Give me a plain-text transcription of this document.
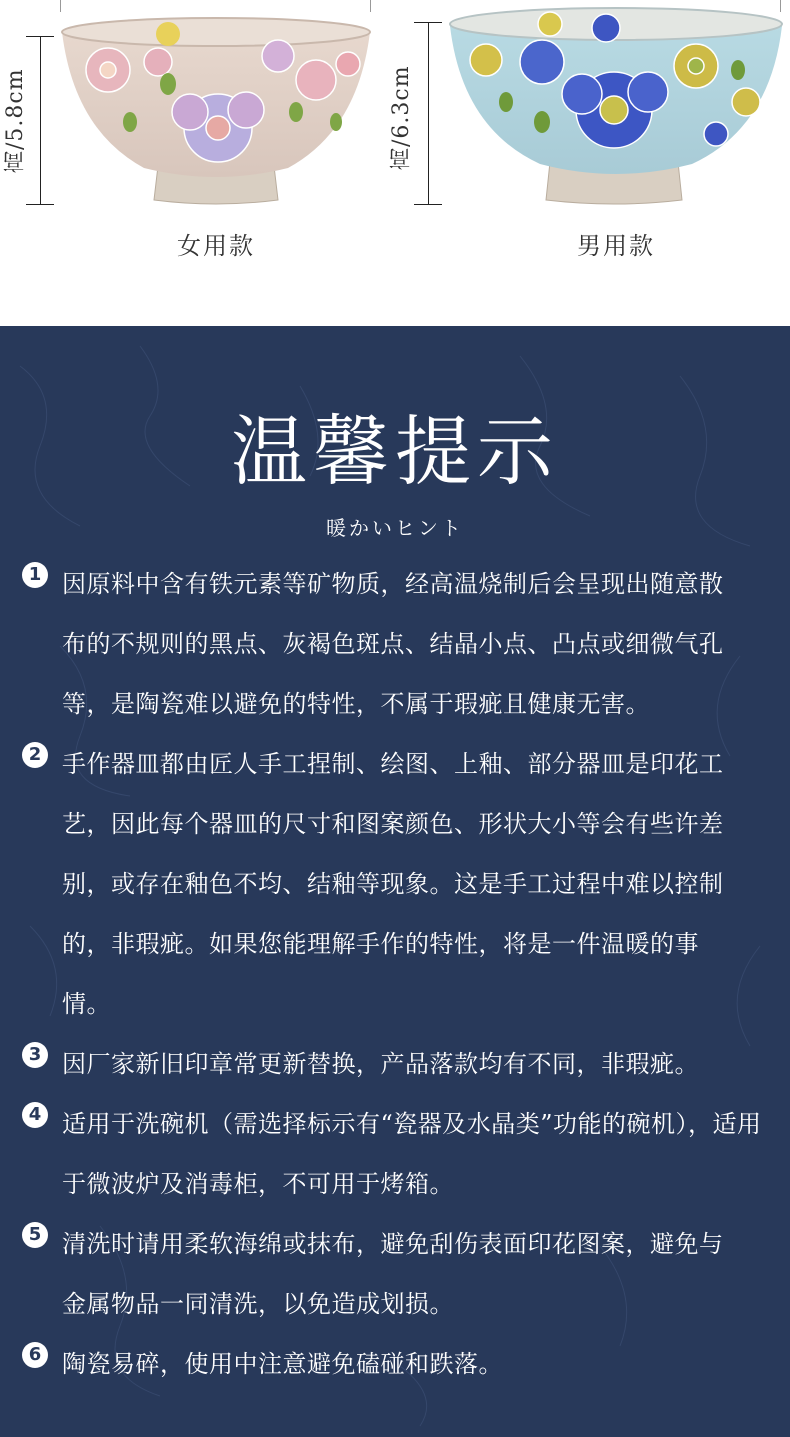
高/5.8cm	高/6.3cm
女用款	男用款
温馨提示
暖かいヒント
1 因原料中含有铁元素等矿物质，经高温烧制后会呈现出随意散布的不规则的黑点、灰褐色斑点、结晶小点、凸点或细微气孔等，是陶瓷难以避免的特性，不属于瑕疵且健康无害。

2 手作器皿都由匠人手工捏制、绘图、上釉、部分器皿是印花工艺，因此每个器皿的尺寸和图案颜色、形状大小等会有些许差别，或存在釉色不均、结釉等现象。这是手工过程中难以控制的，非瑕疵。如果您能理解手作的特性，将是一件温暖的事情。

3 因厂家新旧印章常更新替换，产品落款均有不同，非瑕疵。

4 适用于洗碗机（需选择标示有“瓷器及水晶类”功能的碗机），适用于微波炉及消毒柜，不可用于烤箱。

5 清洗时请用柔软海绵或抹布，避免刮伤表面印花图案，避免与金属物品一同清洗，以免造成划损。

6 陶瓷易碎，使用中注意避免磕碰和跌落。
